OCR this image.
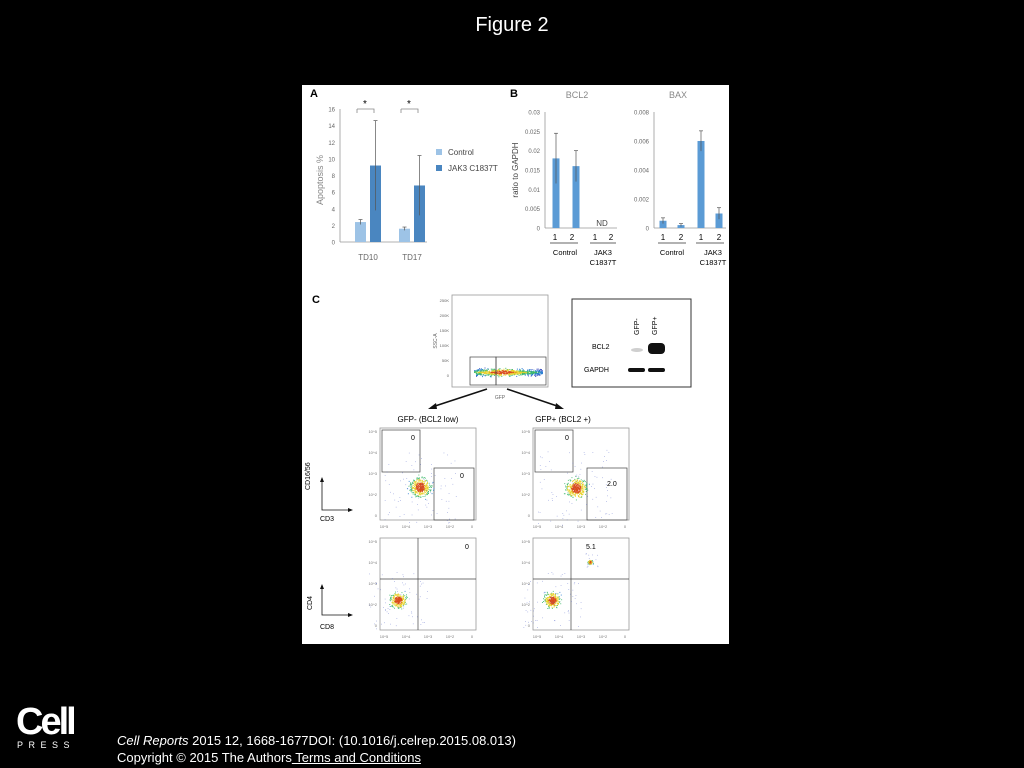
Figure 2
A
Apoptosis %
0
2
4
6
8
10
12
14
16
TD10	TD17
*	*
Control
JAK3 C1837T
B	BCL2	BAX
ratio to GAPDH
0
0.005
0.01
0.015
0.02
0.025
0.03
0
0.002
0.004
0.006
0.008
ND
1 2
Control
1 2
JAK3
C1837T
1 2
Control
1 2
JAK3
C1837T
C
SSC-A
GFP
250K
200K
150K
100K
50K
0
GFP- GFP+
BCL2
GAPDH
GFP- (BCL2 low)	GFP+ (BCL2 +)
CD16/56
CD3
CD4
CD8
0
0
10^5
10^5
10^4
10^4
10^3
10^3
10^2
10^2
0
0
0
2.0
10^5
10^5
10^4
10^4
10^3
10^3
10^2
10^2
0
0
0
10^5
10^5
10^4
10^4
10^3
10^3
10^2
10^2
0
0
5.1
10^5
10^5
10^4
10^4
10^3
10^3
10^2
10^2
0
0
Cell
PRESS	Cell Reports 2015 12, 1668-1677DOI: (10.1016/j.celrep.2015.08.013)
Copyright © 2015 The Authors Terms and Conditions
